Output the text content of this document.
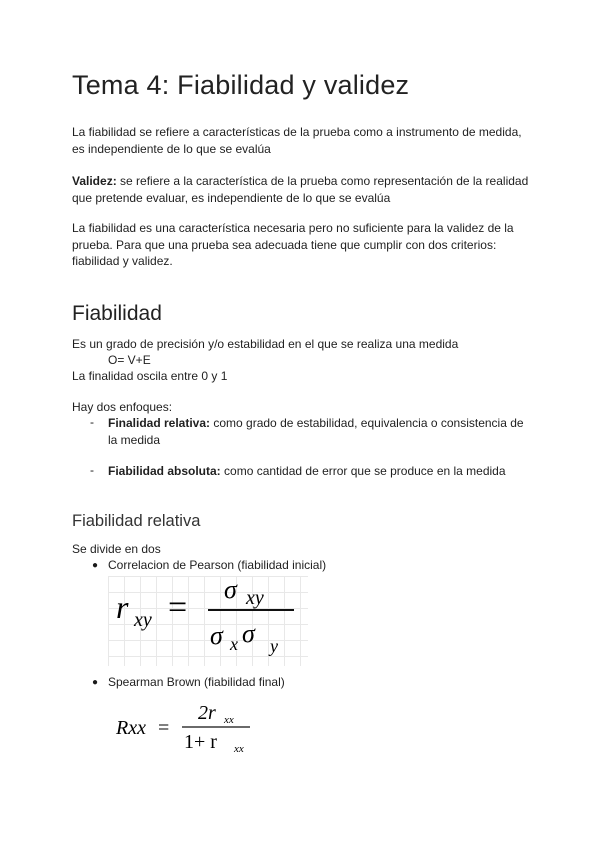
Tema 4: Fiabilidad y validez

La fiabilidad se refiere a características de la prueba como a instrumento de medida, es independiente de lo que se evalúa

Validez: se refiere a la característica de la prueba como representación de la realidad que pretende evaluar, es independiente de lo que se evalúa

La fiabilidad es una característica necesaria pero no suficiente para la validez de la prueba. Para que una prueba sea adecuada tiene que cumplir con dos criterios: fiabilidad y validez.

Fiabilidad

Es un grado de precisión y/o estabilidad en el que se realiza una medida

O= V+E

La finalidad oscila entre 0 y 1

Hay dos enfoques:

- Finalidad relativa: como grado de estabilidad, equivalencia o consistencia de la medida
- Fiabilidad absoluta: como cantidad de error que se produce en la medida
Fiabilidad relativa

Se divide en dos

● Correlacion de Pearson (fiabilidad inicial)
r xy = σ xy
σ x σ y
● Spearman Brown (fiabilidad final)
Rxx =
2r xx
1+ r xx
